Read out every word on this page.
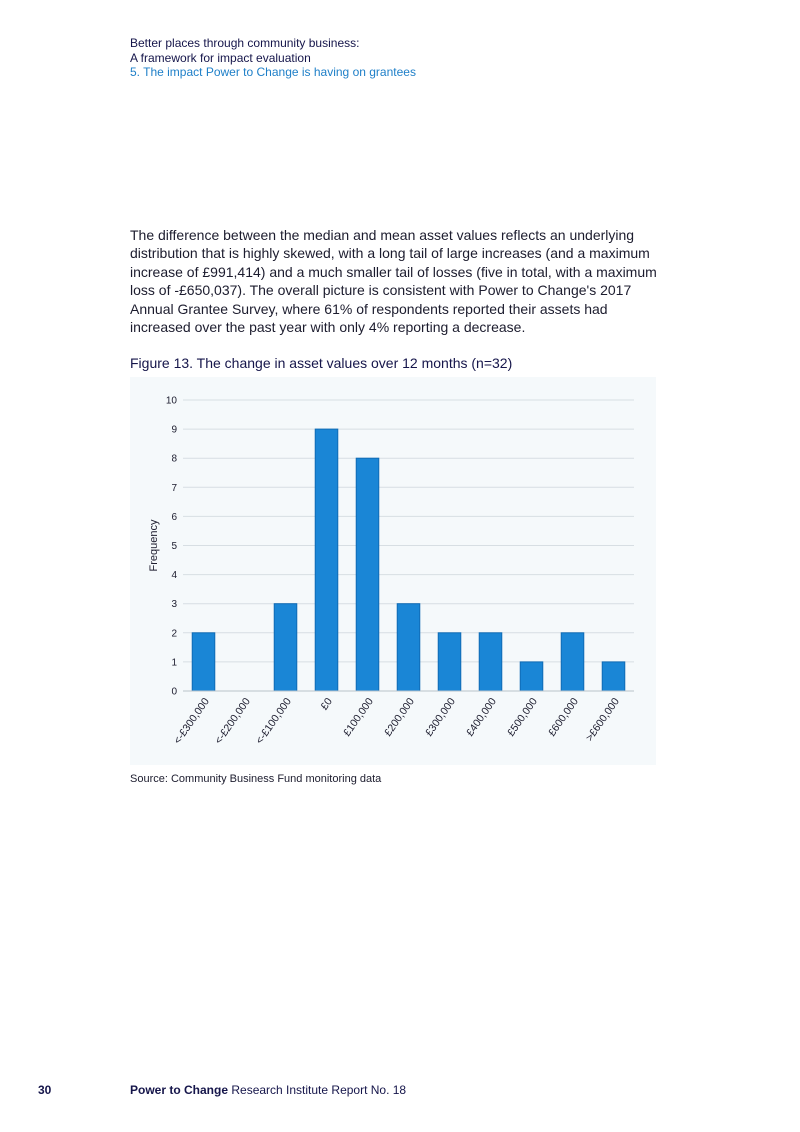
Better places through community business:
A framework for impact evaluation
5. The impact Power to Change is having on grantees

The difference between the median and mean asset values reflects an underlying distribution that is highly skewed, with a long tail of large increases (and a maximum increase of £991,414) and a much smaller tail of losses (five in total, with a maximum loss of -£650,037). The overall picture is consistent with Power to Change's 2017 Annual Grantee Survey, where 61% of respondents reported their assets had increased over the past year with only 4% reporting a decrease.

Figure 13. The change in asset values over 12 months (n=32)
0
1
2
3
4
5
6
7
8
9
10
Frequency
<-£300,000 <-£200,000 <-£100,000 £0 £100,000 £200,000 £300,000 £400,000 £500,000 £600,000 >£600,000
Source: Community Business Fund monitoring data
30	Power to Change Research Institute Report No. 18
